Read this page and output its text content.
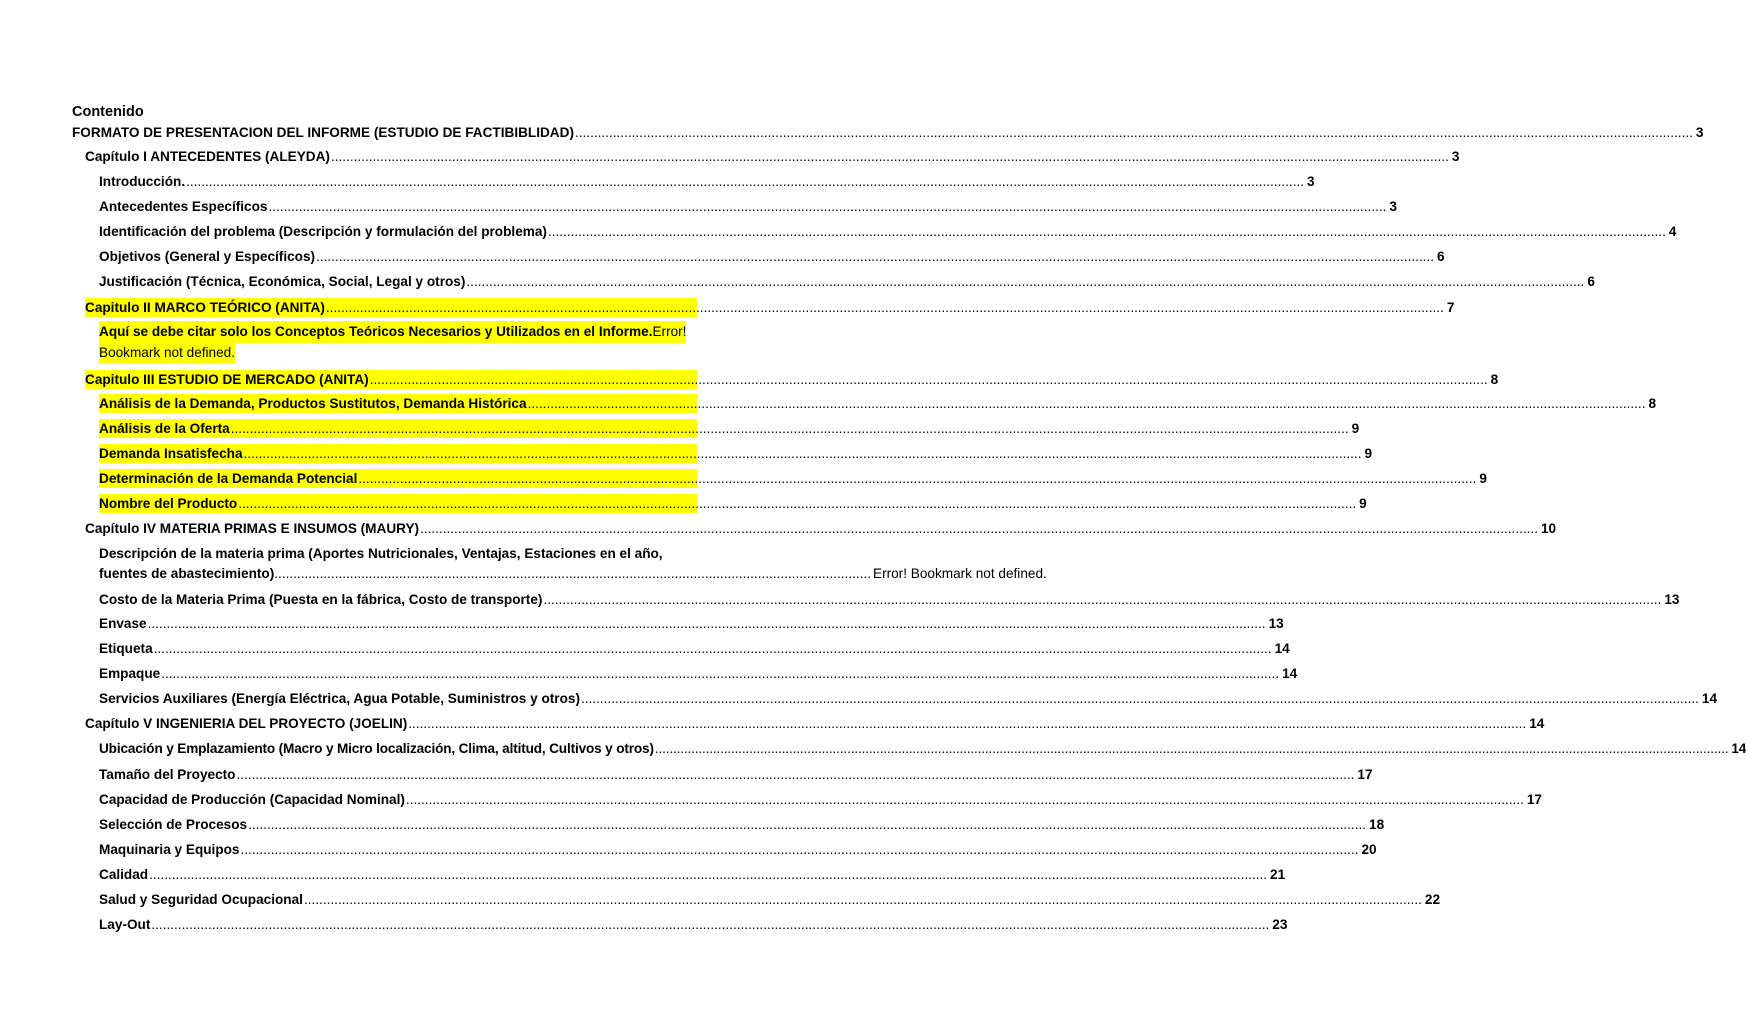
Contenido
FORMATO DE PRESENTACION DEL INFORME (ESTUDIO DE FACTIBIBLIDAD) .....	3
Capítulo I ANTECEDENTES (ALEYDA) .....	3
Introducción. .....	3
Antecedentes Específicos .....	3
Identificación del problema (Descripción y formulación del problema) .....	4
Objetivos (General y Específicos) .....	6
Justificación (Técnica, Económica, Social, Legal y otros) .....	6
Capitulo II MARCO TEÓRICO (ANITA) .....	7
Aquí se debe citar solo los Conceptos Teóricos Necesarios y Utilizados en el Informe. Error!
Bookmark not defined.
Capitulo III ESTUDIO DE MERCADO (ANITA) .....	8
Análisis de la Demanda, Productos Sustitutos, Demanda Histórica .....	8
Análisis de la Oferta .....	9
Demanda Insatisfecha .....	9
Determinación de la Demanda Potencial .....	9
Nombre del Producto .....	9
Capítulo IV MATERIA PRIMAS E INSUMOS (MAURY) .....	10
Descripción de la materia prima (Aportes Nutricionales, Ventajas, Estaciones en el año,
fuentes de abastecimiento) .............................................................................................................................................................. Error! Bookmark not defined.
Costo de la Materia Prima (Puesta en la fábrica, Costo de transporte) .....	13
Envase .....	13
Etiqueta .....	14
Empaque .....	14
Servicios Auxiliares (Energía Eléctrica, Agua Potable, Suministros y otros) .....	14
Capítulo V INGENIERIA DEL PROYECTO (JOELIN) .....	14
Ubicación y Emplazamiento (Macro y Micro localización, Clima, altitud, Cultivos y otros) .....	14
Tamaño del Proyecto .....	17
Capacidad de Producción (Capacidad Nominal) .....	17
Selección de Procesos .....	18
Maquinaria y Equipos .....	20
Calidad .....	21
Salud y Seguridad Ocupacional .....	22
Lay-Out .....	23
